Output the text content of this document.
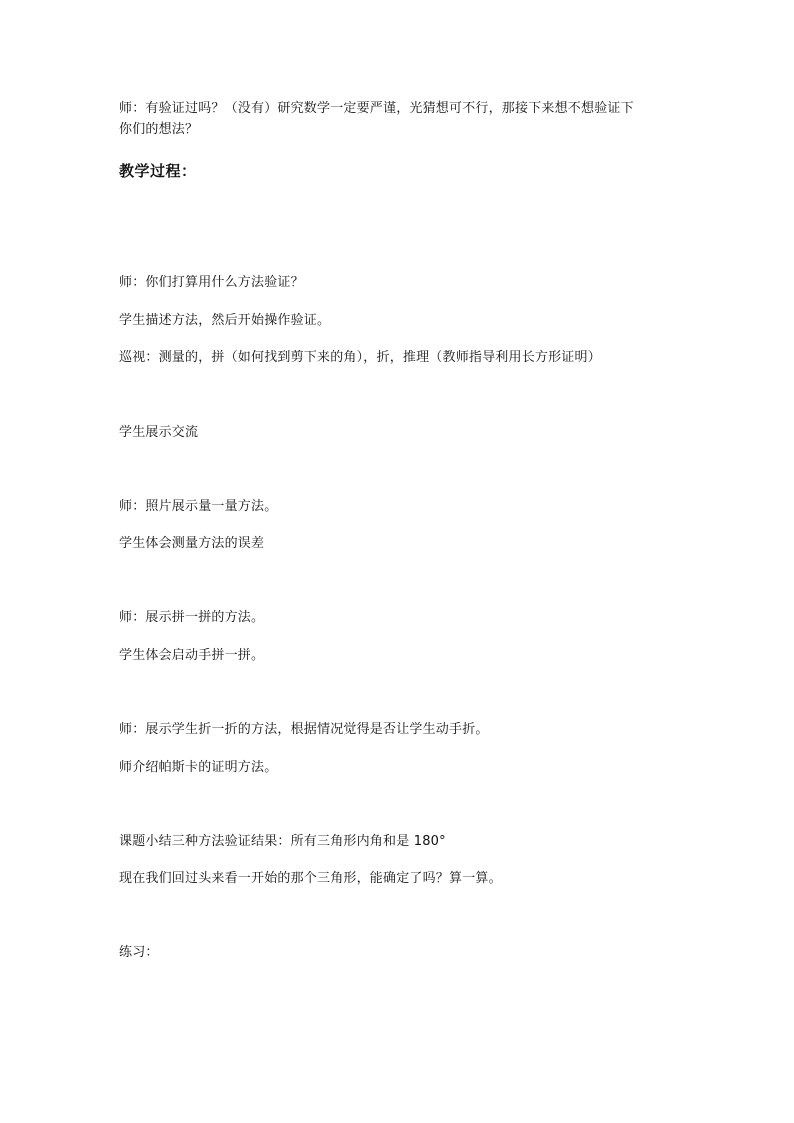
师：有验证过吗？（没有）研究数学一定要严谨，光猜想可不行，那接下来想不想验证下
你们的想法？
教学过程：
师：你们打算用什么方法验证？
学生描述方法，然后开始操作验证。
巡视：测量的，拼（如何找到剪下来的角），折，推理（教师指导利用长方形证明）
学生展示交流
师：照片展示量一量方法。
学生体会测量方法的误差
师：展示拼一拼的方法。
学生体会启动手拼一拼。
师：展示学生折一折的方法，根据情况觉得是否让学生动手折。
师介绍帕斯卡的证明方法。
课题小结三种方法验证结果：所有三角形内角和是 180°
现在我们回过头来看一开始的那个三角形，能确定了吗？算一算。
练习：
